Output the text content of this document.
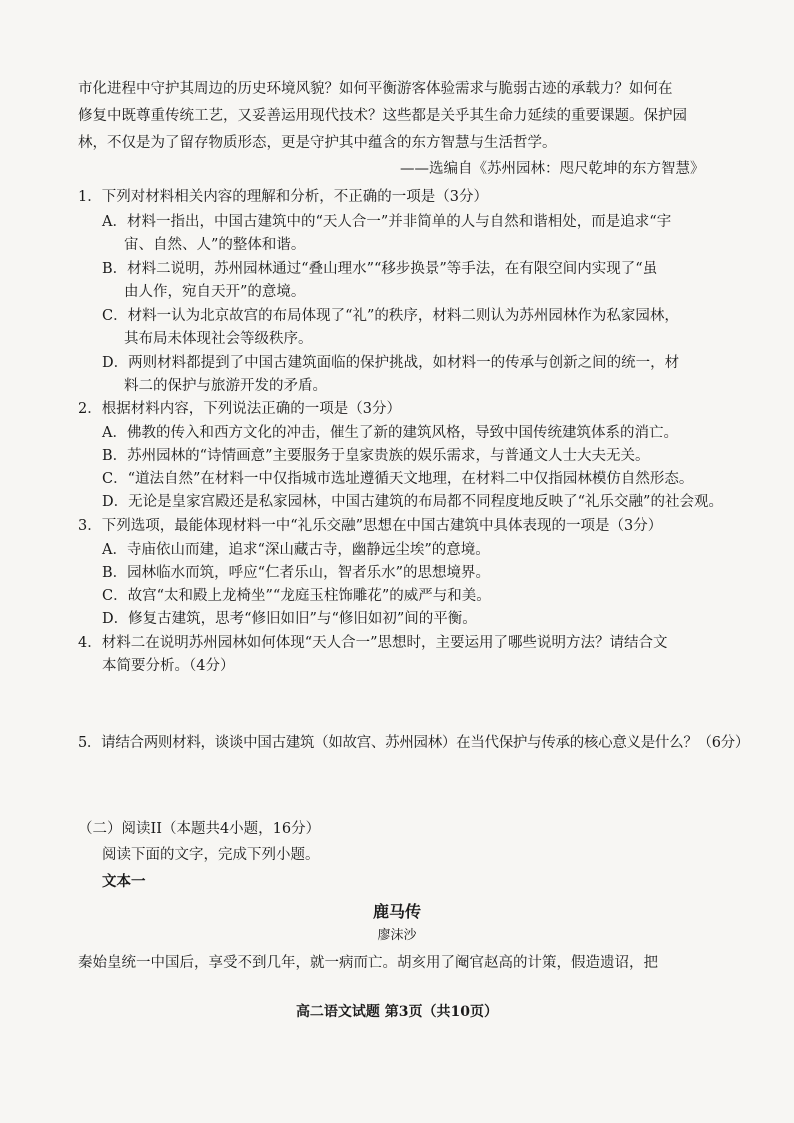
市化进程中守护其周边的历史环境风貌？如何平衡游客体验需求与脆弱古迹的承载力？如何在
修复中既尊重传统工艺，又妥善运用现代技术？这些都是关乎其生命力延续的重要课题。保护园
林，不仅是为了留存物质形态，更是守护其中蕴含的东方智慧与生活哲学。
——选编自《苏州园林：咫尺乾坤的东方智慧》
1．下列对材料相关内容的理解和分析，不正确的一项是（3分）
A．材料一指出，中国古建筑中的“天人合一”并非简单的人与自然和谐相处，而是追求“宇
宙、自然、人”的整体和谐。
B．材料二说明，苏州园林通过“叠山理水”“移步换景”等手法，在有限空间内实现了“虽
由人作，宛自天开”的意境。
C．材料一认为北京故宫的布局体现了“礼”的秩序，材料二则认为苏州园林作为私家园林，
其布局未体现社会等级秩序。
D．两则材料都提到了中国古建筑面临的保护挑战，如材料一的传承与创新之间的统一，材
料二的保护与旅游开发的矛盾。
2．根据材料内容，下列说法正确的一项是（3分）
A．佛教的传入和西方文化的冲击，催生了新的建筑风格，导致中国传统建筑体系的消亡。
B．苏州园林的“诗情画意”主要服务于皇家贵族的娱乐需求，与普通文人士大夫无关。
C．“道法自然”在材料一中仅指城市选址遵循天文地理，在材料二中仅指园林模仿自然形态。
D．无论是皇家宫殿还是私家园林，中国古建筑的布局都不同程度地反映了“礼乐交融”的社会观。
3．下列选项，最能体现材料一中“礼乐交融”思想在中国古建筑中具体表现的一项是（3分）
A．寺庙依山而建，追求“深山藏古寺，幽静远尘埃”的意境。
B．园林临水而筑，呼应“仁者乐山，智者乐水”的思想境界。
C．故宫“太和殿上龙椅坐”“龙庭玉柱饰雕花”的威严与和美。
D．修复古建筑，思考“修旧如旧”与“修旧如初”间的平衡。
4．材料二在说明苏州园林如何体现“天人合一”思想时，主要运用了哪些说明方法？请结合文
本简要分析。（4分）
5．请结合两则材料，谈谈中国古建筑（如故宫、苏州园林）在当代保护与传承的核心意义是什么？（6分）
（二）阅读II（本题共4小题，16分）
阅读下面的文字，完成下列小题。
文本一
鹿马传
廖沫沙
秦始皇统一中国后，享受不到几年，就一病而亡。胡亥用了阉官赵高的计策，假造遗诏，把
高二语文试题 第3页（共10页）
